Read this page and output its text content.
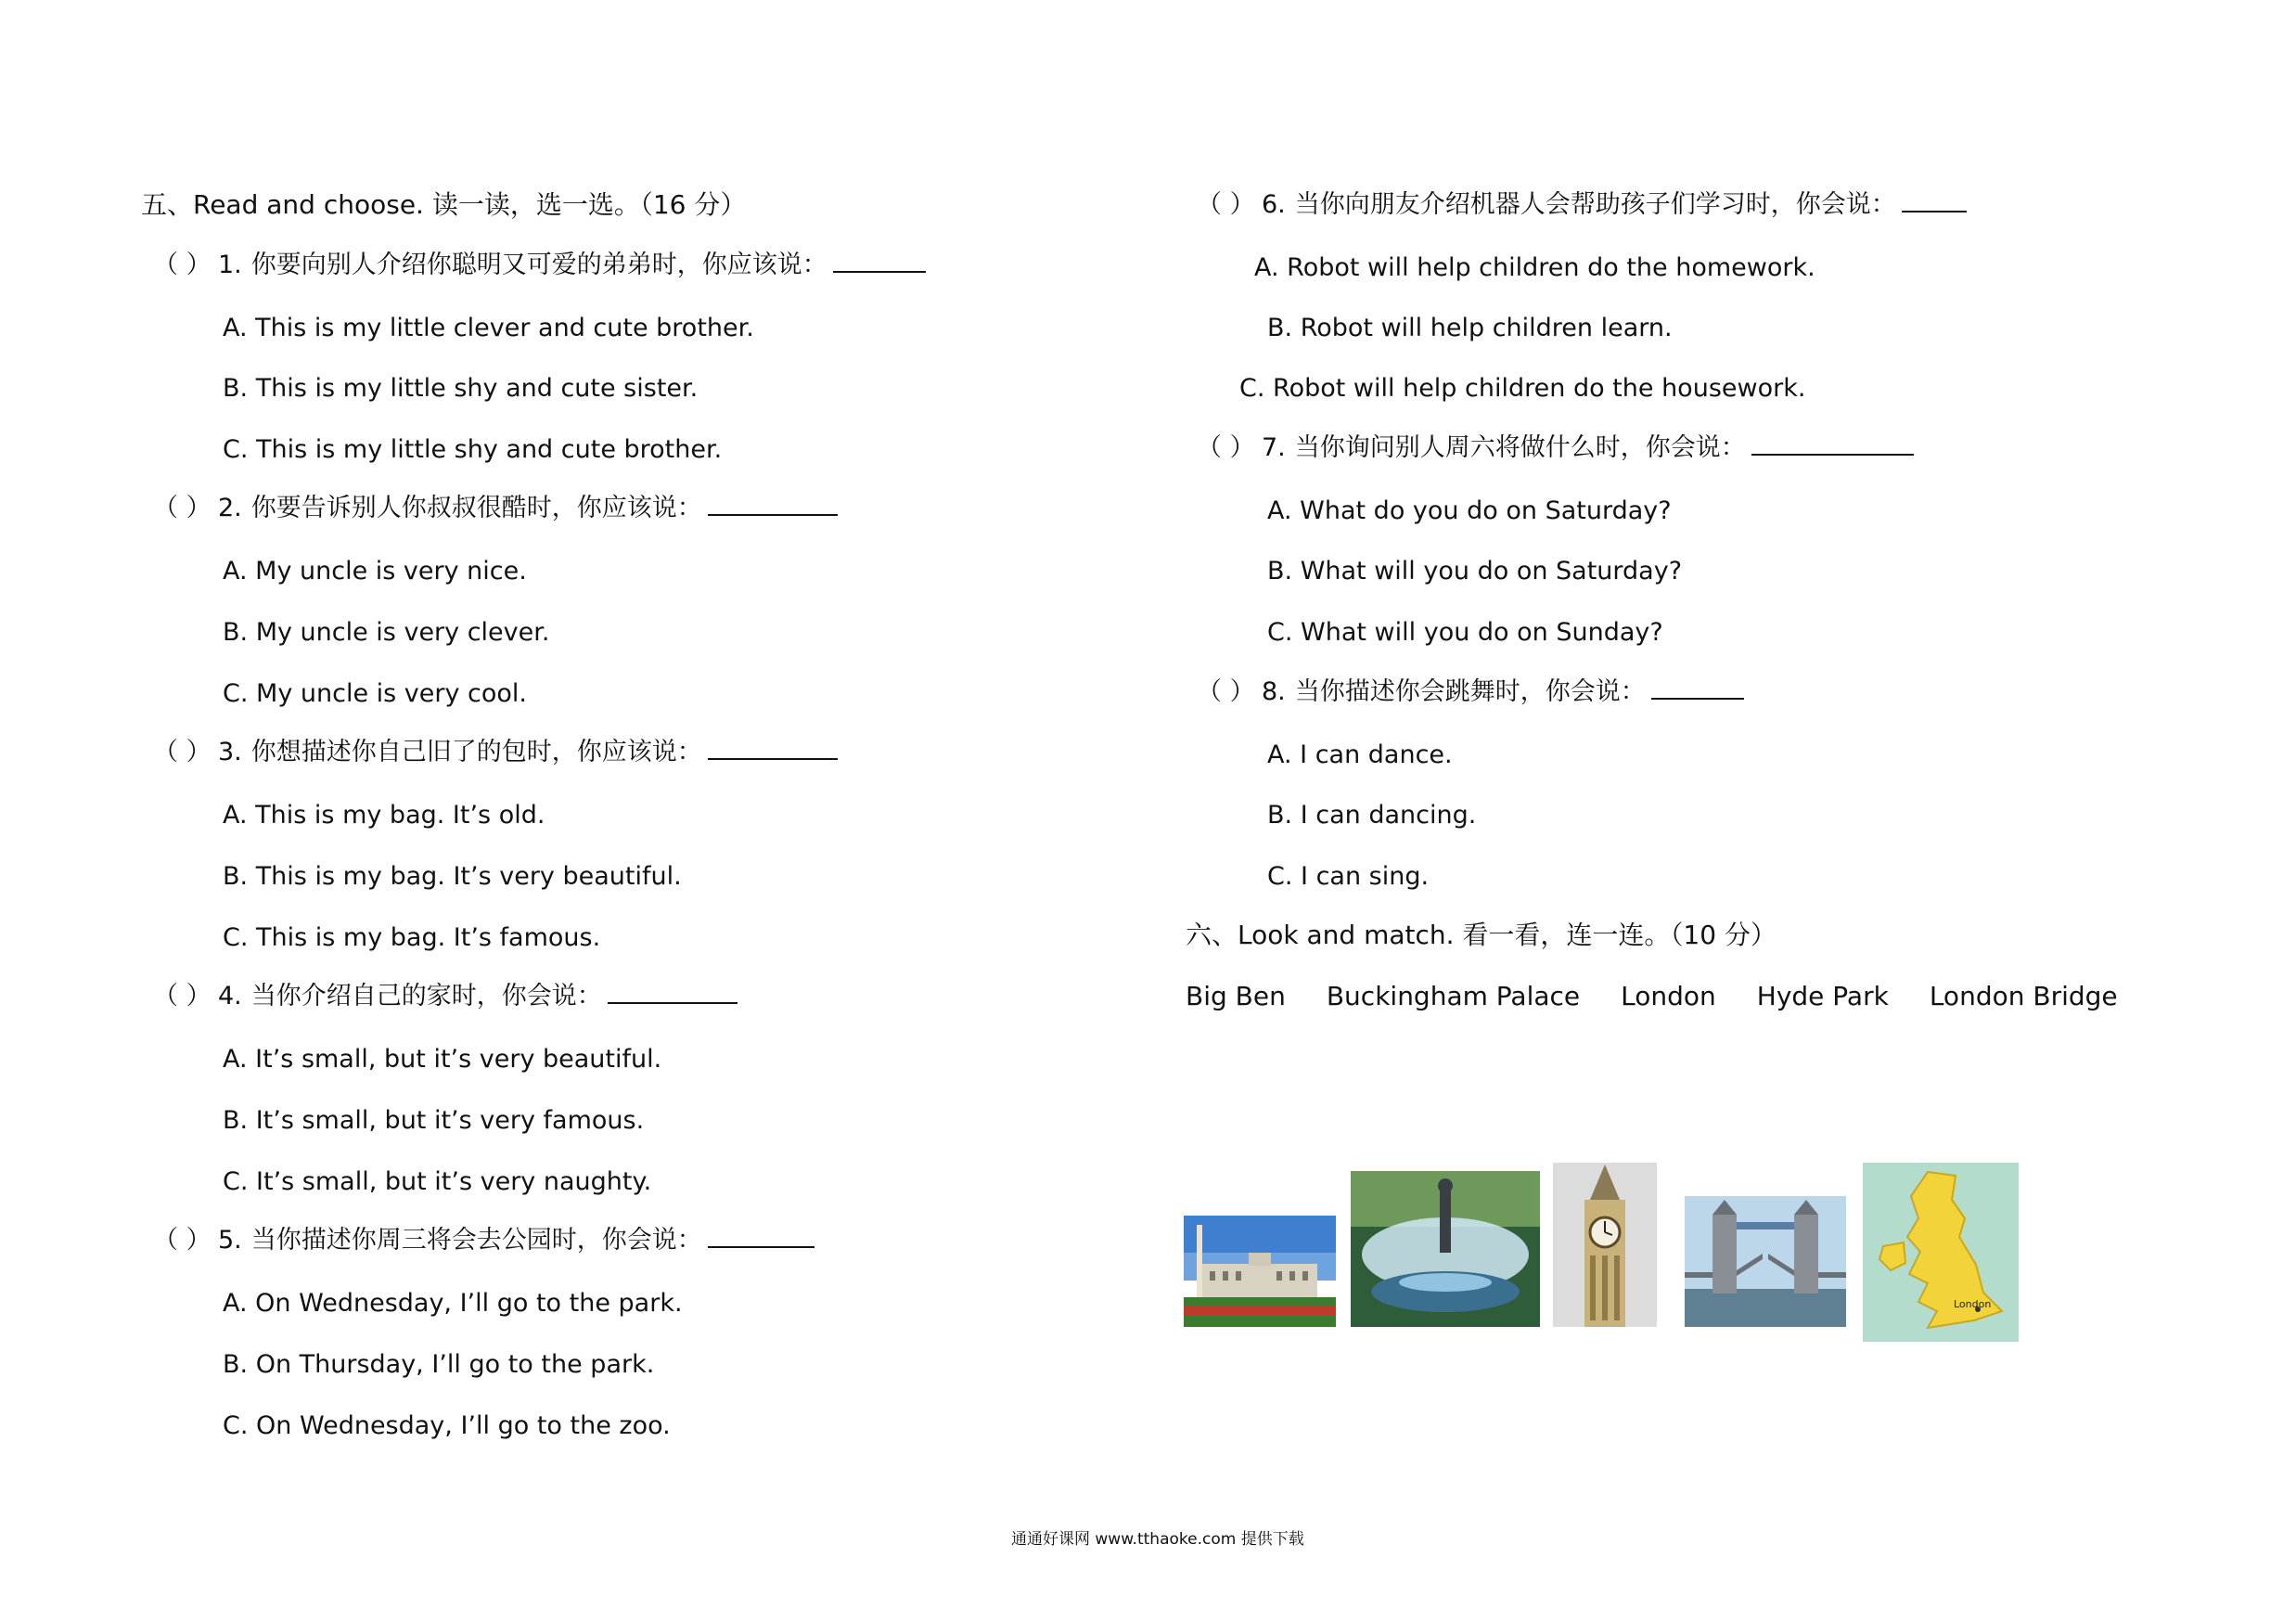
五、Read and choose. 读一读，选一选。（16 分）
（ ） 1. 你要向别人介绍你聪明又可爱的弟弟时，你应该说：
A. This is my little clever and cute brother.
B. This is my little shy and cute sister.
C. This is my little shy and cute brother.
（ ） 2. 你要告诉别人你叔叔很酷时，你应该说：
A. My uncle is very nice.
B. My uncle is very clever.
C. My uncle is very cool.
（ ） 3. 你想描述你自己旧了的包时，你应该说：
A. This is my bag. It’s old.
B. This is my bag. It’s very beautiful.
C. This is my bag. It’s famous.
（ ） 4. 当你介绍自己的家时，你会说：
A. It’s small, but it’s very beautiful.
B. It’s small, but it’s very famous.
C. It’s small, but it’s very naughty.
（ ） 5. 当你描述你周三将会去公园时，你会说：
A. On Wednesday, I’ll go to the park.
B. On Thursday, I’ll go to the park.
C. On Wednesday, I’ll go to the zoo.
（ ） 6. 当你向朋友介绍机器人会帮助孩子们学习时，你会说：
A. Robot will help children do the homework.
B. Robot will help children learn.
C. Robot will help children do the housework.
（ ） 7. 当你询问别人周六将做什么时，你会说：
A. What do you do on Saturday?
B. What will you do on Saturday?
C. What will you do on Sunday?
（ ） 8. 当你描述你会跳舞时，你会说：
A. I can dance.
B. I can dancing.
C. I can sing.
六、Look and match. 看一看，连一连。（10 分）
Big Ben Buckingham Palace London Hyde Park London Bridge
London
通通好课网 www.tthaoke.com 提供下载
